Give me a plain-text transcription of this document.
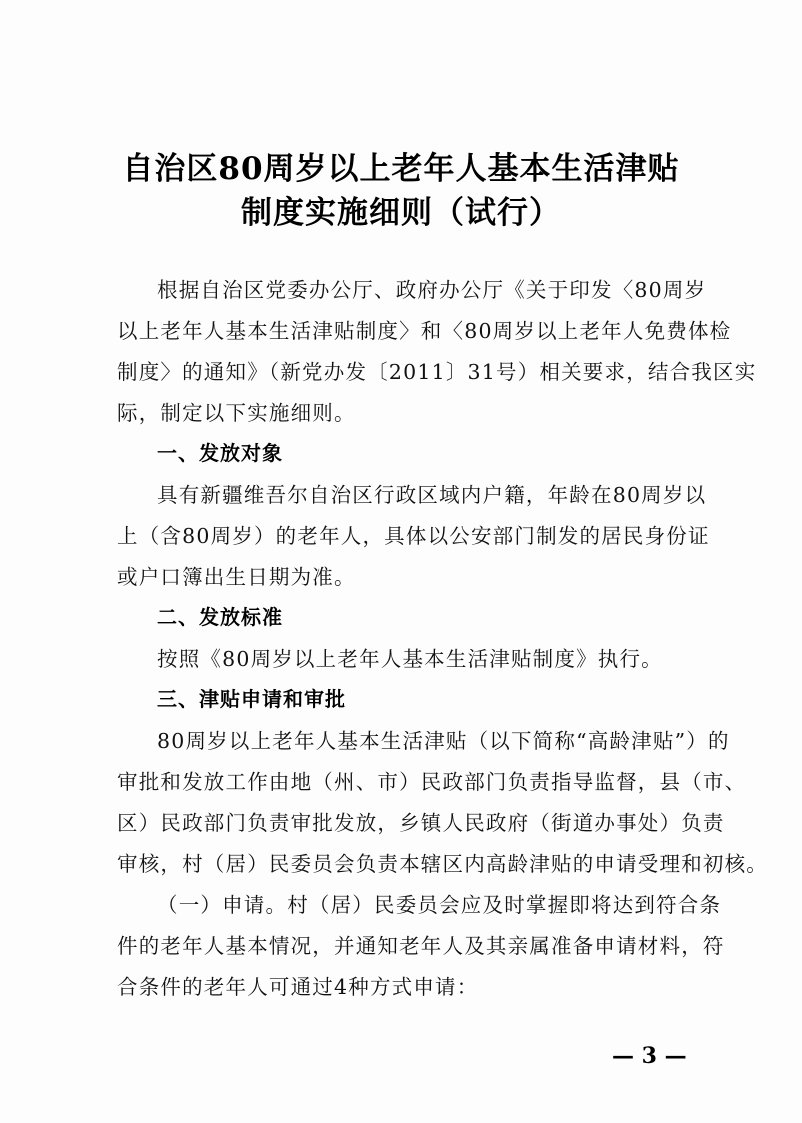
自治区80周岁以上老年人基本生活津贴
制度实施细则（试行）
根据自治区党委办公厅、政府办公厅《关于印发〈80周岁
以上老年人基本生活津贴制度〉和〈80周岁以上老年人免费体检
制度〉的通知》（新党办发〔2011〕31号）相关要求，结合我区实
际，制定以下实施细则。
一、发放对象
具有新疆维吾尔自治区行政区域内户籍，年龄在80周岁以
上（含80周岁）的老年人，具体以公安部门制发的居民身份证
或户口簿出生日期为准。
二、发放标准
按照《80周岁以上老年人基本生活津贴制度》执行。
三、津贴申请和审批
80周岁以上老年人基本生活津贴（以下简称“高龄津贴”）的
审批和发放工作由地（州、市）民政部门负责指导监督，县（市、
区）民政部门负责审批发放，乡镇人民政府（街道办事处）负责
审核，村（居）民委员会负责本辖区内高龄津贴的申请受理和初核。
（一）申请。村（居）民委员会应及时掌握即将达到符合条
件的老年人基本情况，并通知老年人及其亲属准备申请材料，符
合条件的老年人可通过4种方式申请：
— 3 —
